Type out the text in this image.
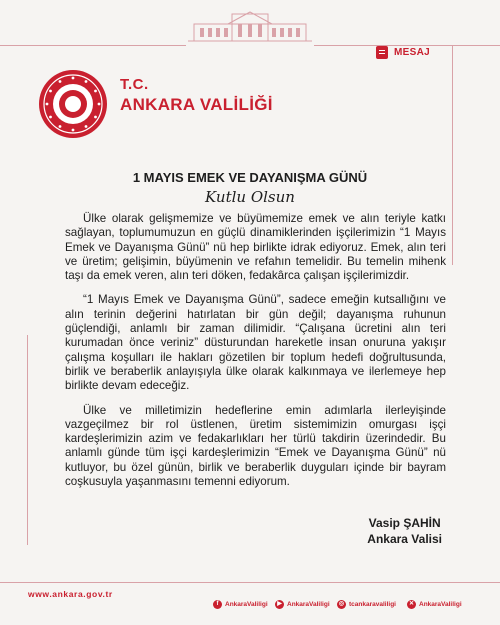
MESAJ
T.C.
ANKARA VALİLİĞİ
1 MAYIS EMEK VE DAYANIŞMA GÜNÜ
Kutlu Olsun

Ülke olarak gelişmemize ve büyümemize emek ve alın teriyle katkı sağlayan, toplumumuzun en güçlü dinamiklerinden işçilerimizin “1 Mayıs Emek ve Dayanışma Günü” nü hep birlikte idrak ediyoruz. Emek, alın teri ve üretim; gelişimin, büyümenin ve refahın temelidir. Bu temelin mihenk taşı da emek veren, alın teri döken, fedakârca çalışan işçilerimizdir.

“1 Mayıs Emek ve Dayanışma Günü”, sadece emeğin kutsallığını ve alın terinin değerini hatırlatan bir gün değil; dayanışma ruhunun güçlendiği, anlamlı bir zaman dilimidir. “Çalışana ücretini alın teri kurumadan önce veriniz” düsturundan hareketle insan onuruna yakışır çalışma koşulları ile hakları gözetilen bir toplum hedefi doğrultusunda, birlik ve beraberlik anlayışıyla ülke olarak kalkınmaya ve ilerlemeye hep birlikte devam edeceğiz.

Ülke ve milletimizin hedeflerine emin adımlarla ilerleyişinde vazgeçilmez bir rol üstlenen, üretim sistemimizin omurgası işçi kardeşlerimizin azim ve fedakarlıkları her türlü takdirin üzerindedir. Bu anlamlı günde tüm işçi kardeşlerimizin “Emek ve Dayanışma Günü” nü kutluyor, bu özel günün, birlik ve beraberlik duyguları içinde bir bayram coşkusuyla yaşanmasını temenni ediyorum.

Vasip ŞAHİN
Ankara Valisi
www.ankara.gov.tr
f	AnkaraValiligi	▶ AnkaraValiligi	◎ tcankaravaliligi	✕ AnkaraValiligi
